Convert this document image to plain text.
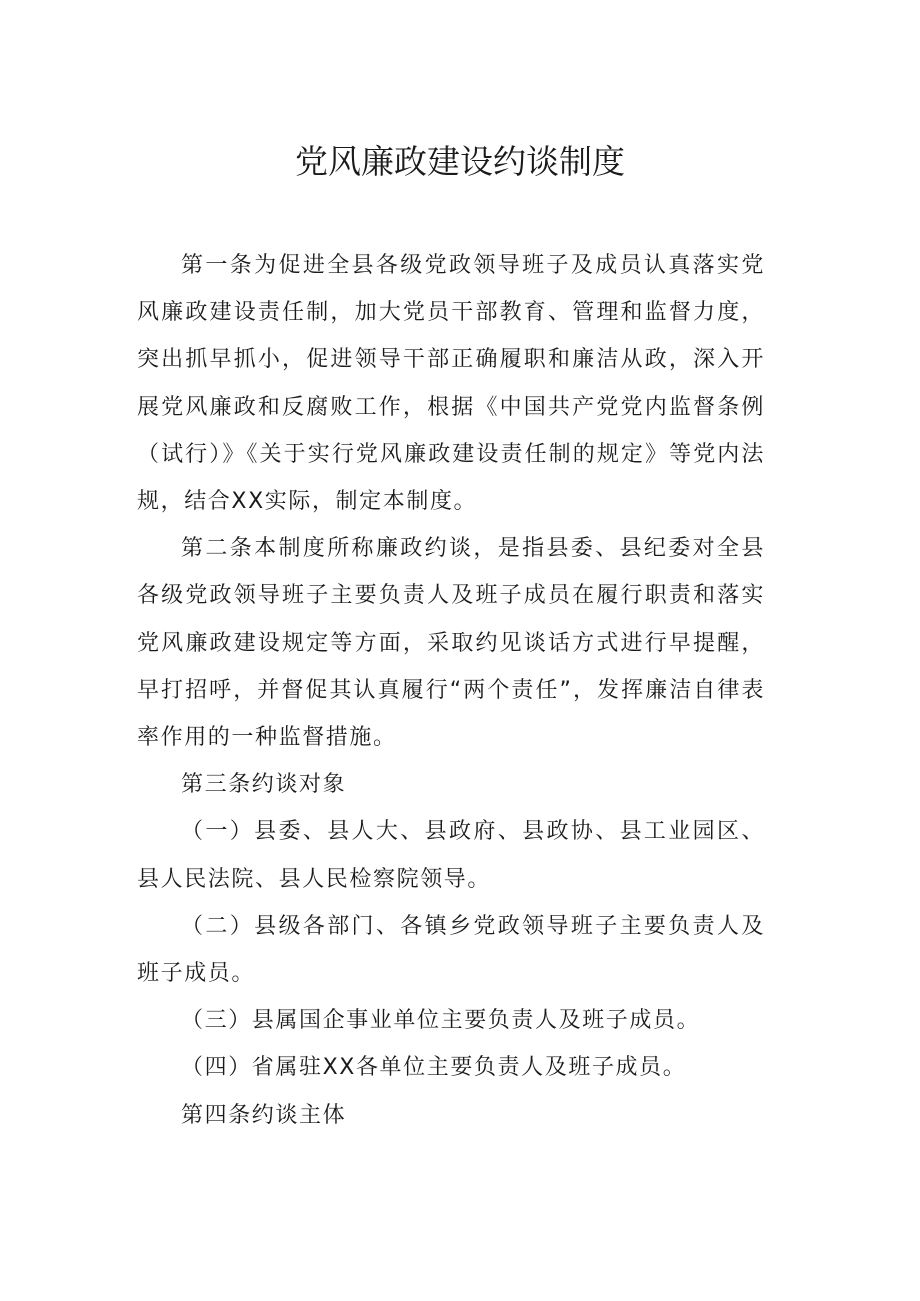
党风廉政建设约谈制度

第一条为促进全县各级党政领导班子及成员认真落实党风廉政建设责任制，加大党员干部教育、管理和监督力度，突出抓早抓小，促进领导干部正确履职和廉洁从政，深入开展党风廉政和反腐败工作，根据《中国共产党党内监督条例（试行）》《关于实行党风廉政建设责任制的规定》等党内法规，结合XX实际，制定本制度。

第二条本制度所称廉政约谈，是指县委、县纪委对全县各级党政领导班子主要负责人及班子成员在履行职责和落实党风廉政建设规定等方面，采取约见谈话方式进行早提醒，早打招呼，并督促其认真履行“两个责任”，发挥廉洁自律表率作用的一种监督措施。

第三条约谈对象

（一）县委、县人大、县政府、县政协、县工业园区、县人民法院、县人民检察院领导。

（二）县级各部门、各镇乡党政领导班子主要负责人及班子成员。

（三）县属国企事业单位主要负责人及班子成员。

（四）省属驻XX各单位主要负责人及班子成员。

第四条约谈主体
